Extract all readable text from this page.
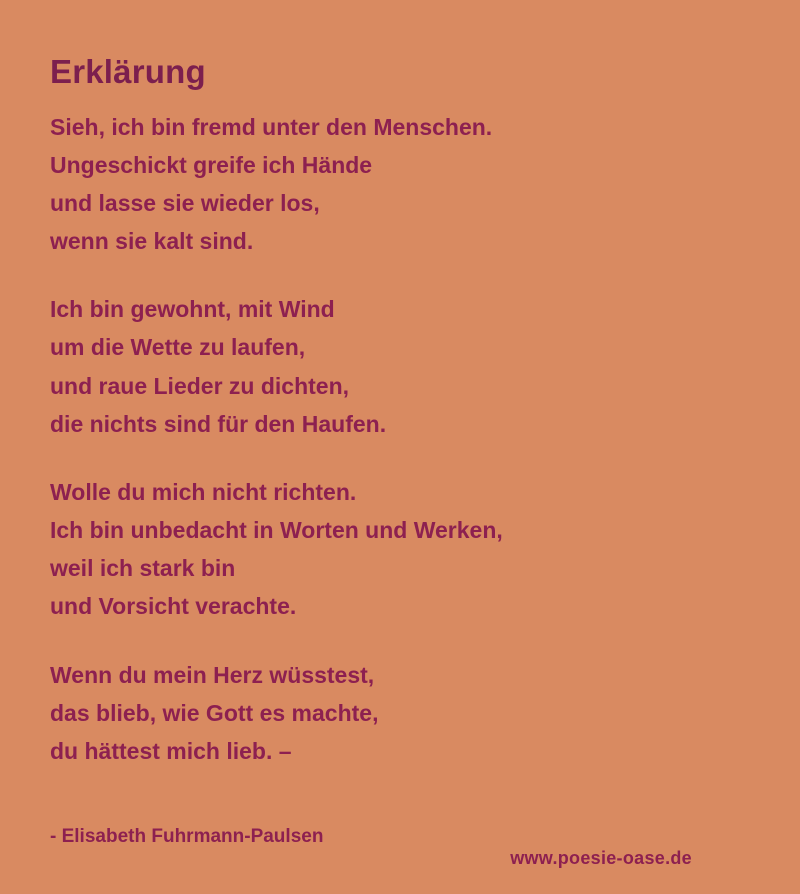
Erklärung
Sieh, ich bin fremd unter den Menschen.
Ungeschickt greife ich Hände
und lasse sie wieder los,
wenn sie kalt sind.
Ich bin gewohnt, mit Wind
um die Wette zu laufen,
und raue Lieder zu dichten,
die nichts sind für den Haufen.
Wolle du mich nicht richten.
Ich bin unbedacht in Worten und Werken,
weil ich stark bin
und Vorsicht verachte.
Wenn du mein Herz wüsstest,
das blieb, wie Gott es machte,
du hättest mich lieb. –
- Elisabeth Fuhrmann-Paulsen
www.poesie-oase.de
